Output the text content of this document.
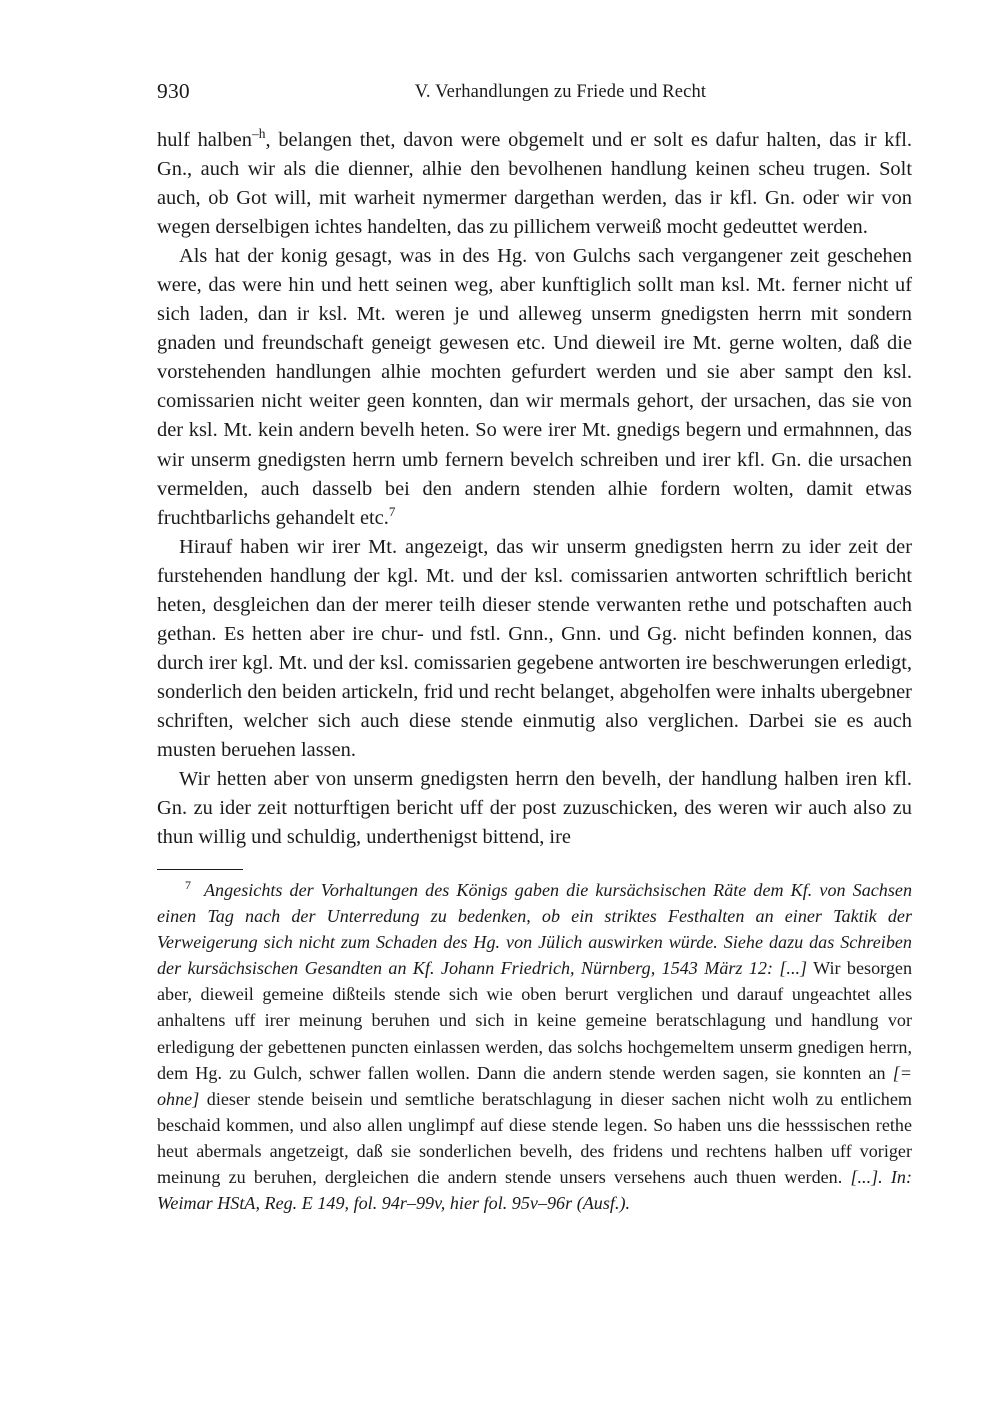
930	V. Verhandlungen zu Friede und Recht

hulf halben$^{-h}$, belangen thet, davon were obgemelt und er solt es dafur halten, das ir kfl. Gn., auch wir als die dienner, alhie den bevolhenen handlung keinen scheu trugen. Solt auch, ob Got will, mit warheit nymermer dargethan werden, das ir kfl. Gn. oder wir von wegen derselbigen ichtes handelten, das zu pillichem verweiß mocht gedeuttet werden.

Als hat der konig gesagt, was in des Hg. von Gulchs sach vergangener zeit geschehen were, das were hin und hett seinen weg, aber kunftiglich sollt man ksl. Mt. ferner nicht uf sich laden, dan ir ksl. Mt. weren je und alleweg unserm gnedigsten herrn mit sondern gnaden und freundschaft geneigt gewesen etc. Und dieweil ire Mt. gerne wolten, daß die vorstehenden handlungen alhie mochten gefurdert werden und sie aber sampt den ksl. comissarien nicht weiter geen konnten, dan wir mermals gehort, der ursachen, das sie von der ksl. Mt. kein andern bevelh heten. So were irer Mt. gnedigs begern und ermahnnen, das wir unserm gnedigsten herrn umb fernern bevelch schreiben und irer kfl. Gn. die ursachen vermelden, auch dasselb bei den andern stenden alhie fordern wolten, damit etwas fruchtbarlichs gehandelt etc.$^7$

Hirauf haben wir irer Mt. angezeigt, das wir unserm gnedigsten herrn zu ider zeit der furstehenden handlung der kgl. Mt. und der ksl. comissarien antworten schriftlich bericht heten, desgleichen dan der merer teilh dieser stende verwanten rethe und potschaften auch gethan. Es hetten aber ire chur- und fstl. Gnn., Gnn. und Gg. nicht befinden konnen, das durch irer kgl. Mt. und der ksl. comissarien gegebene antworten ire beschwerungen erledigt, sonderlich den beiden artickeln, frid und recht belanget, abgeholfen were inhalts ubergebner schriften, welcher sich auch diese stende einmutig also verglichen. Darbei sie es auch musten beruehen lassen.

Wir hetten aber von unserm gnedigsten herrn den bevelh, der handlung halben iren kfl. Gn. zu ider zeit notturftigen bericht uff der post zuzuschicken, des weren wir auch also zu thun willig und schuldig, underthenigst bittend, ire

$^7$ Angesichts der Vorhaltungen des Königs gaben die kursächsischen Räte dem Kf. von Sachsen einen Tag nach der Unterredung zu bedenken, ob ein striktes Festhalten an einer Taktik der Verweigerung sich nicht zum Schaden des Hg. von Jülich auswirken würde. Siehe dazu das Schreiben der kursächsischen Gesandten an Kf. Johann Friedrich, Nürnberg, 1543 März 12: [...] Wir besorgen aber, dieweil gemeine dißteils stende sich wie oben berurt verglichen und darauf ungeachtet alles anhaltens uff irer meinung beruhen und sich in keine gemeine beratschlagung und handlung vor erledigung der gebettenen puncten einlassen werden, das solchs hochgemeltem unserm gnedigen herrn, dem Hg. zu Gulch, schwer fallen wollen. Dann die andern stende werden sagen, sie konnten an [= ohne] dieser stende beisein und semtliche beratschlagung in dieser sachen nicht wolh zu entlichem beschaid kommen, und also allen unglimpf auf diese stende legen. So haben uns die hesssischen rethe heut abermals angetzeigt, daß sie sonderlichen bevelh, des fridens und rechtens halben uff voriger meinung zu beruhen, dergleichen die andern stende unsers versehens auch thuen werden. [...]. In: Weimar HStA, Reg. E 149, fol. 94r–99v, hier fol. 95v–96r (Ausf.).
